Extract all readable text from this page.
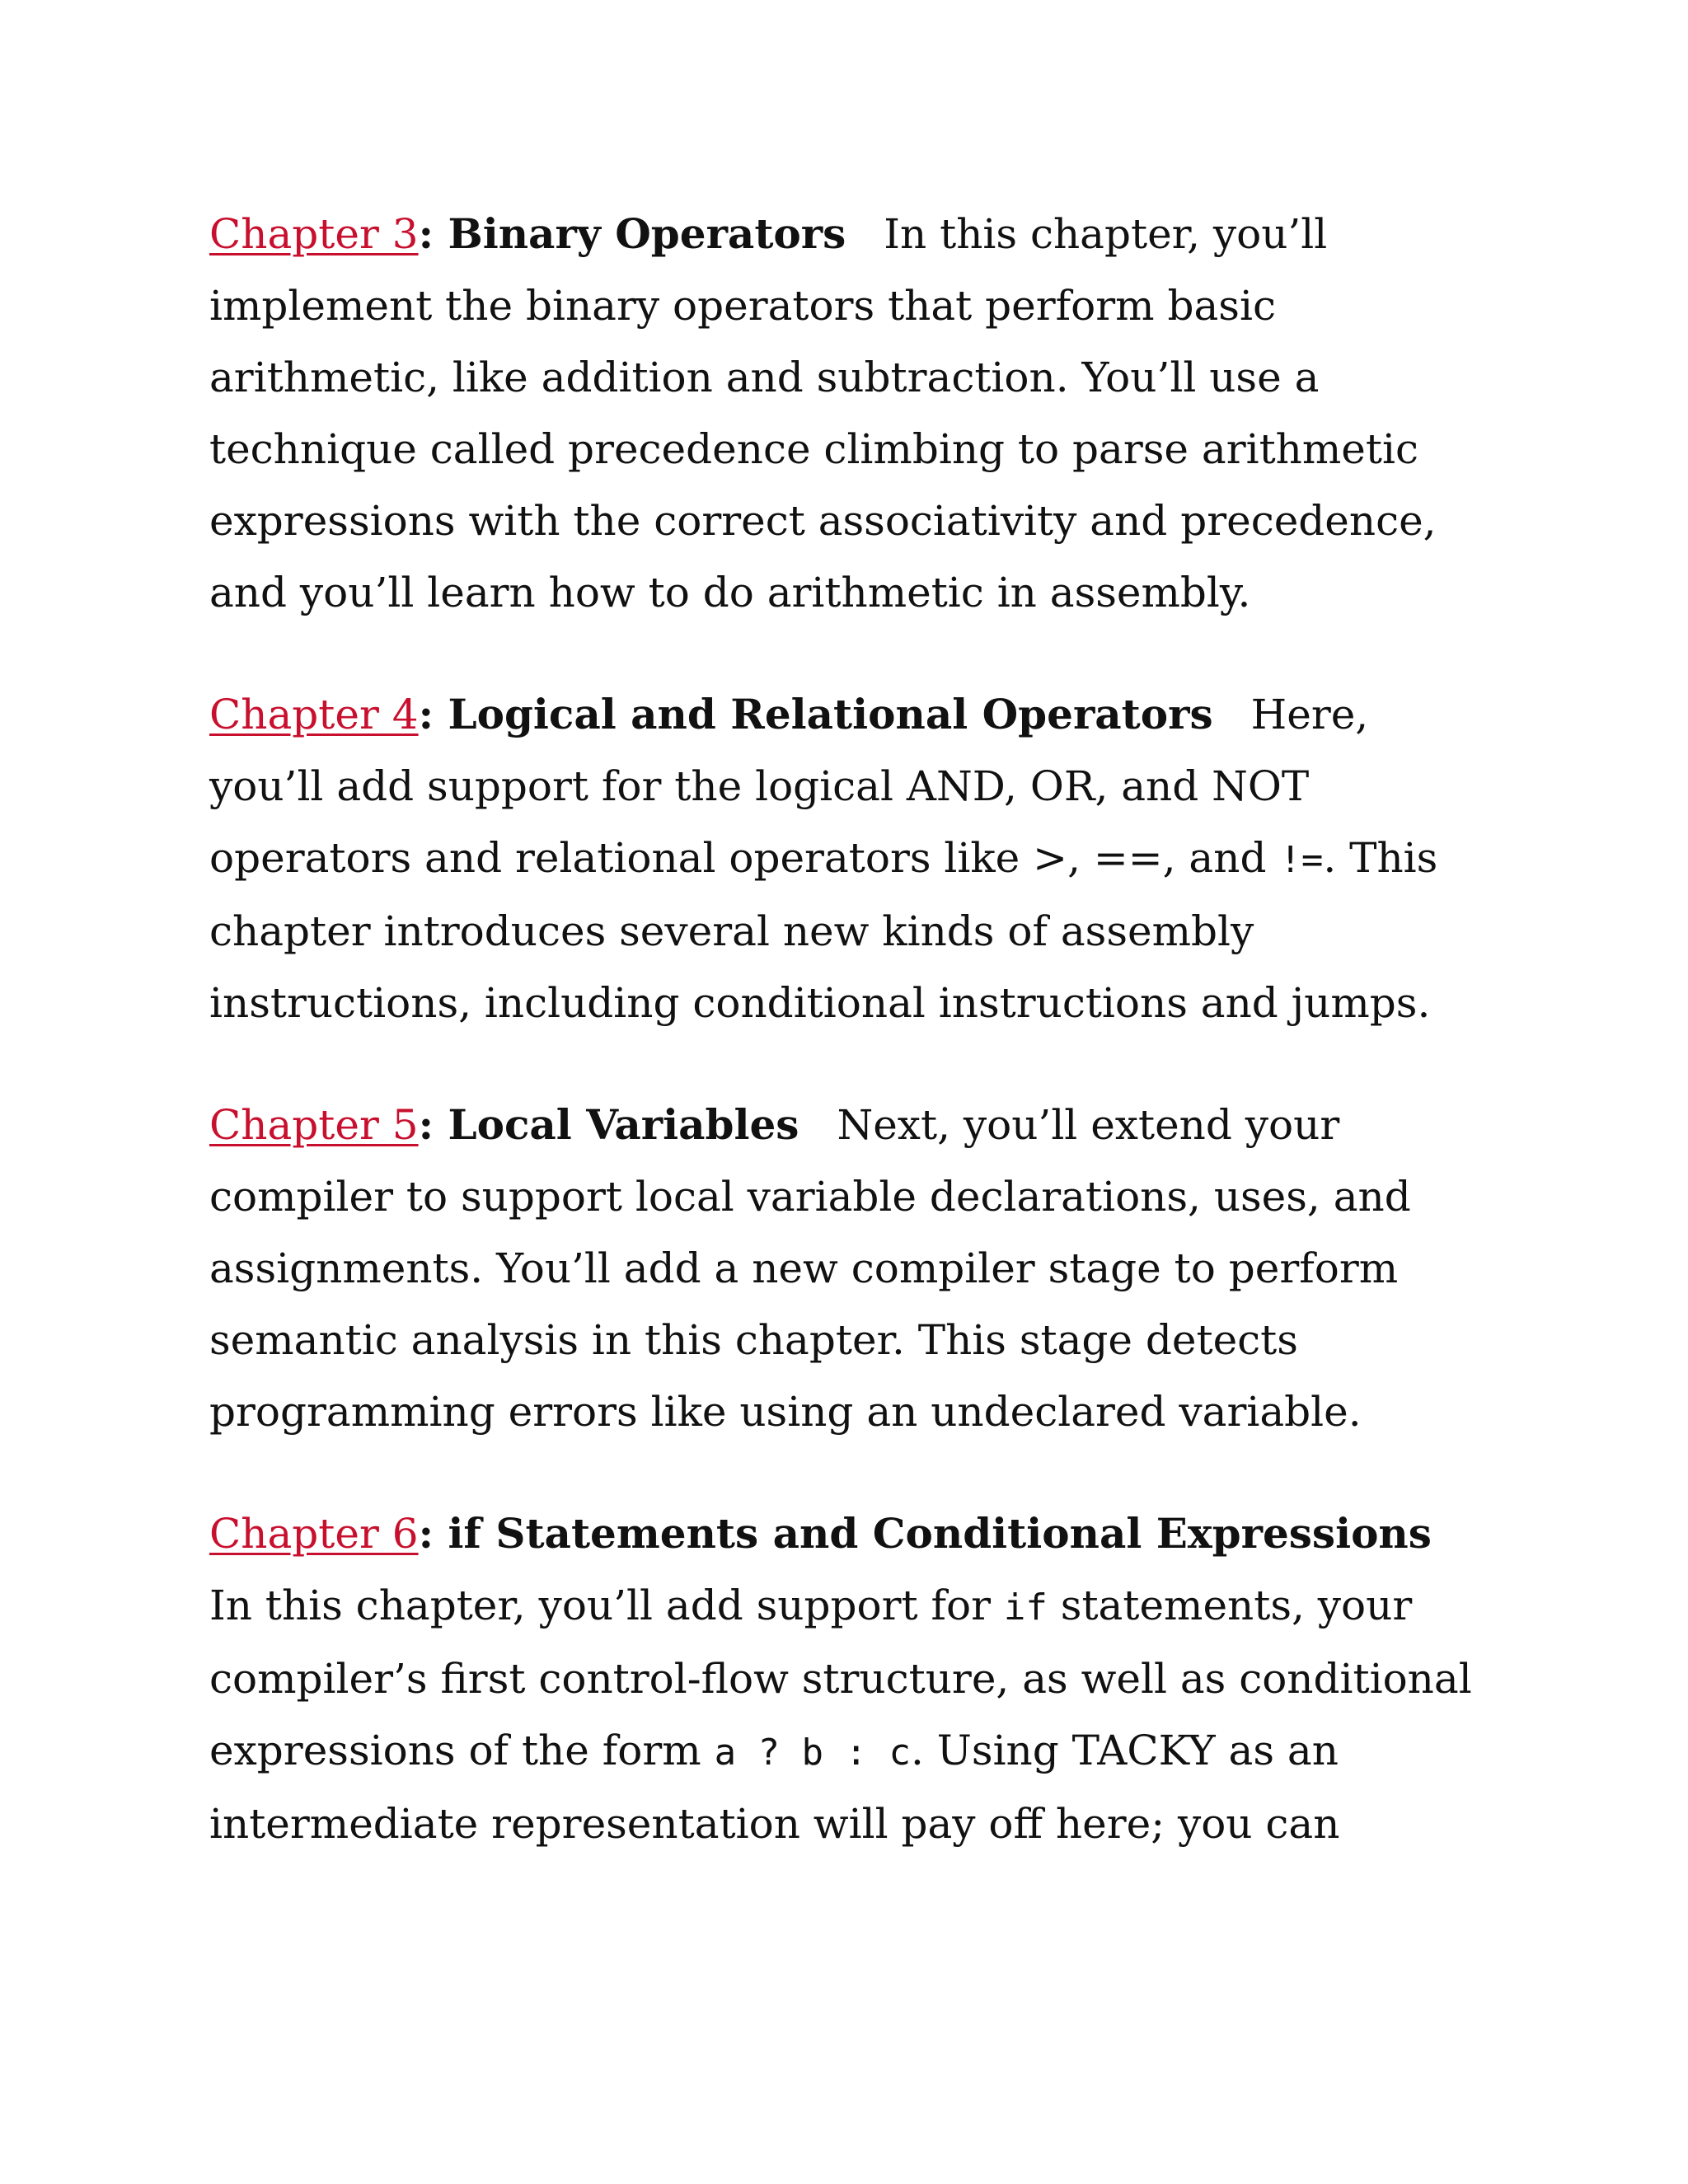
Chapter 3: Binary Operators In this chapter, you’ll implement the binary operators that perform basic arithmetic, like addition and subtraction. You’ll use a technique called precedence climbing to parse arithmetic expressions with the correct associativity and precedence, and you’ll learn how to do arithmetic in assembly.

Chapter 4: Logical and Relational Operators Here, you’ll add support for the logical AND, OR, and NOT operators and relational operators like >, ==, and !=. This chapter introduces several new kinds of assembly instructions, including conditional instructions and jumps.

Chapter 5: Local Variables Next, you’ll extend your compiler to support local variable declarations, uses, and assignments. You’ll add a new compiler stage to perform semantic analysis in this chapter. This stage detects programming errors like using an undeclared variable.

Chapter 6: if Statements and Conditional ExpressionsIn this chapter, you’ll add support for if statements, your compiler’s first control-flow structure, as well as conditional expressions of the form a ? b : c. Using TACKY as an intermediate representation will pay off here; you can
